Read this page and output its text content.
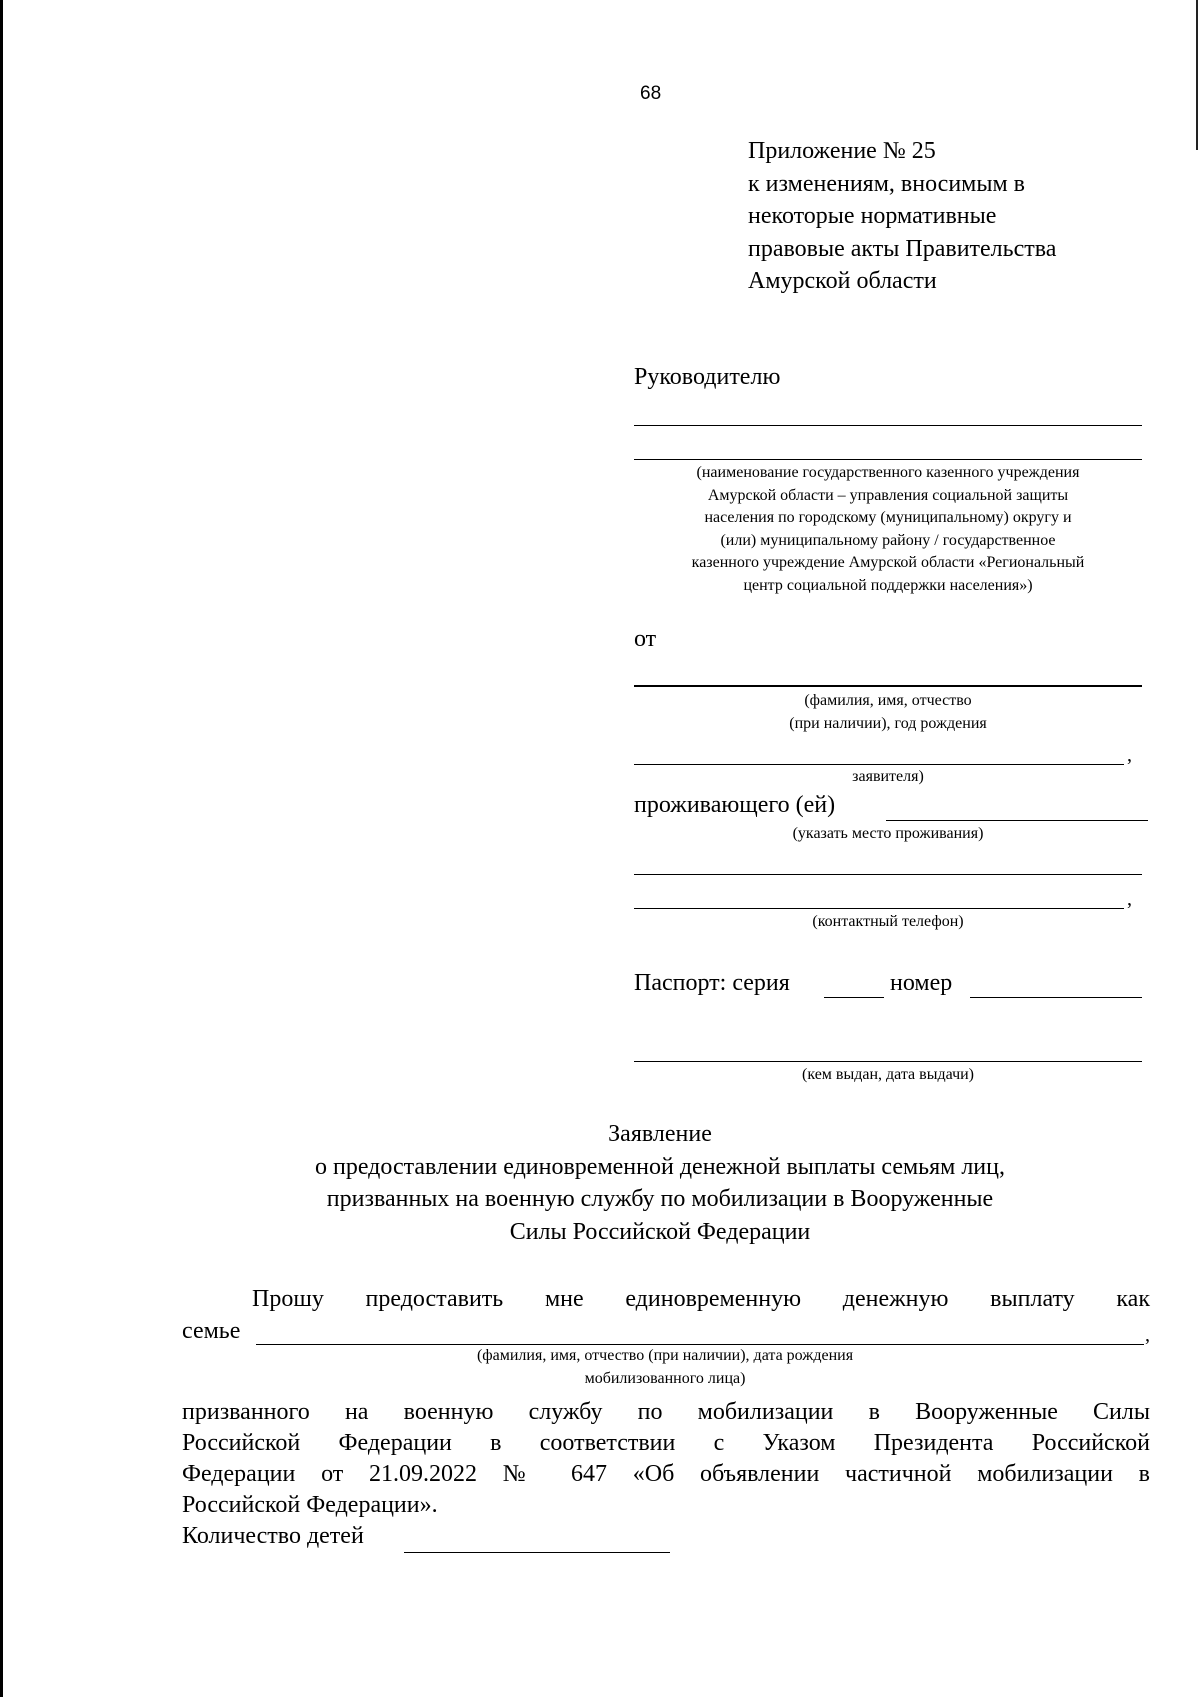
68
Приложение № 25
к изменениям, вносимым в
некоторые нормативные
правовые акты Правительства
Амурской области
Руководителю
(наименование государственного казенного учреждения
Амурской области – управления социальной защиты
населения по городскому (муниципальному) округу и
(или) муниципальному району / государственное
казенного учреждение Амурской области «Региональный
центр социальной поддержки населения»)
от
(фамилия, имя, отчество
(при наличии), год рождения
,
заявителя)
проживающего (ей)
(указать место проживания)
,
(контактный телефон)
Паспорт: серия	номер
(кем выдан, дата выдачи)
Заявление
о предоставлении единовременной денежной выплаты семьям лиц,
призванных на военную службу по мобилизации в Вооруженные
Силы Российской Федерации
Прошу предоставить мне единовременную денежную выплату как
семье	,
(фамилия, имя, отчество (при наличии), дата рождения
мобилизованного лица)
призванного на военную службу по мобилизации в Вооруженные Силы
Российской Федерации в соответствии с Указом Президента Российской
Федерации от 21.09.2022 № 647 «Об объявлении частичной мобилизации в
Российской Федерации».
Количество детей
